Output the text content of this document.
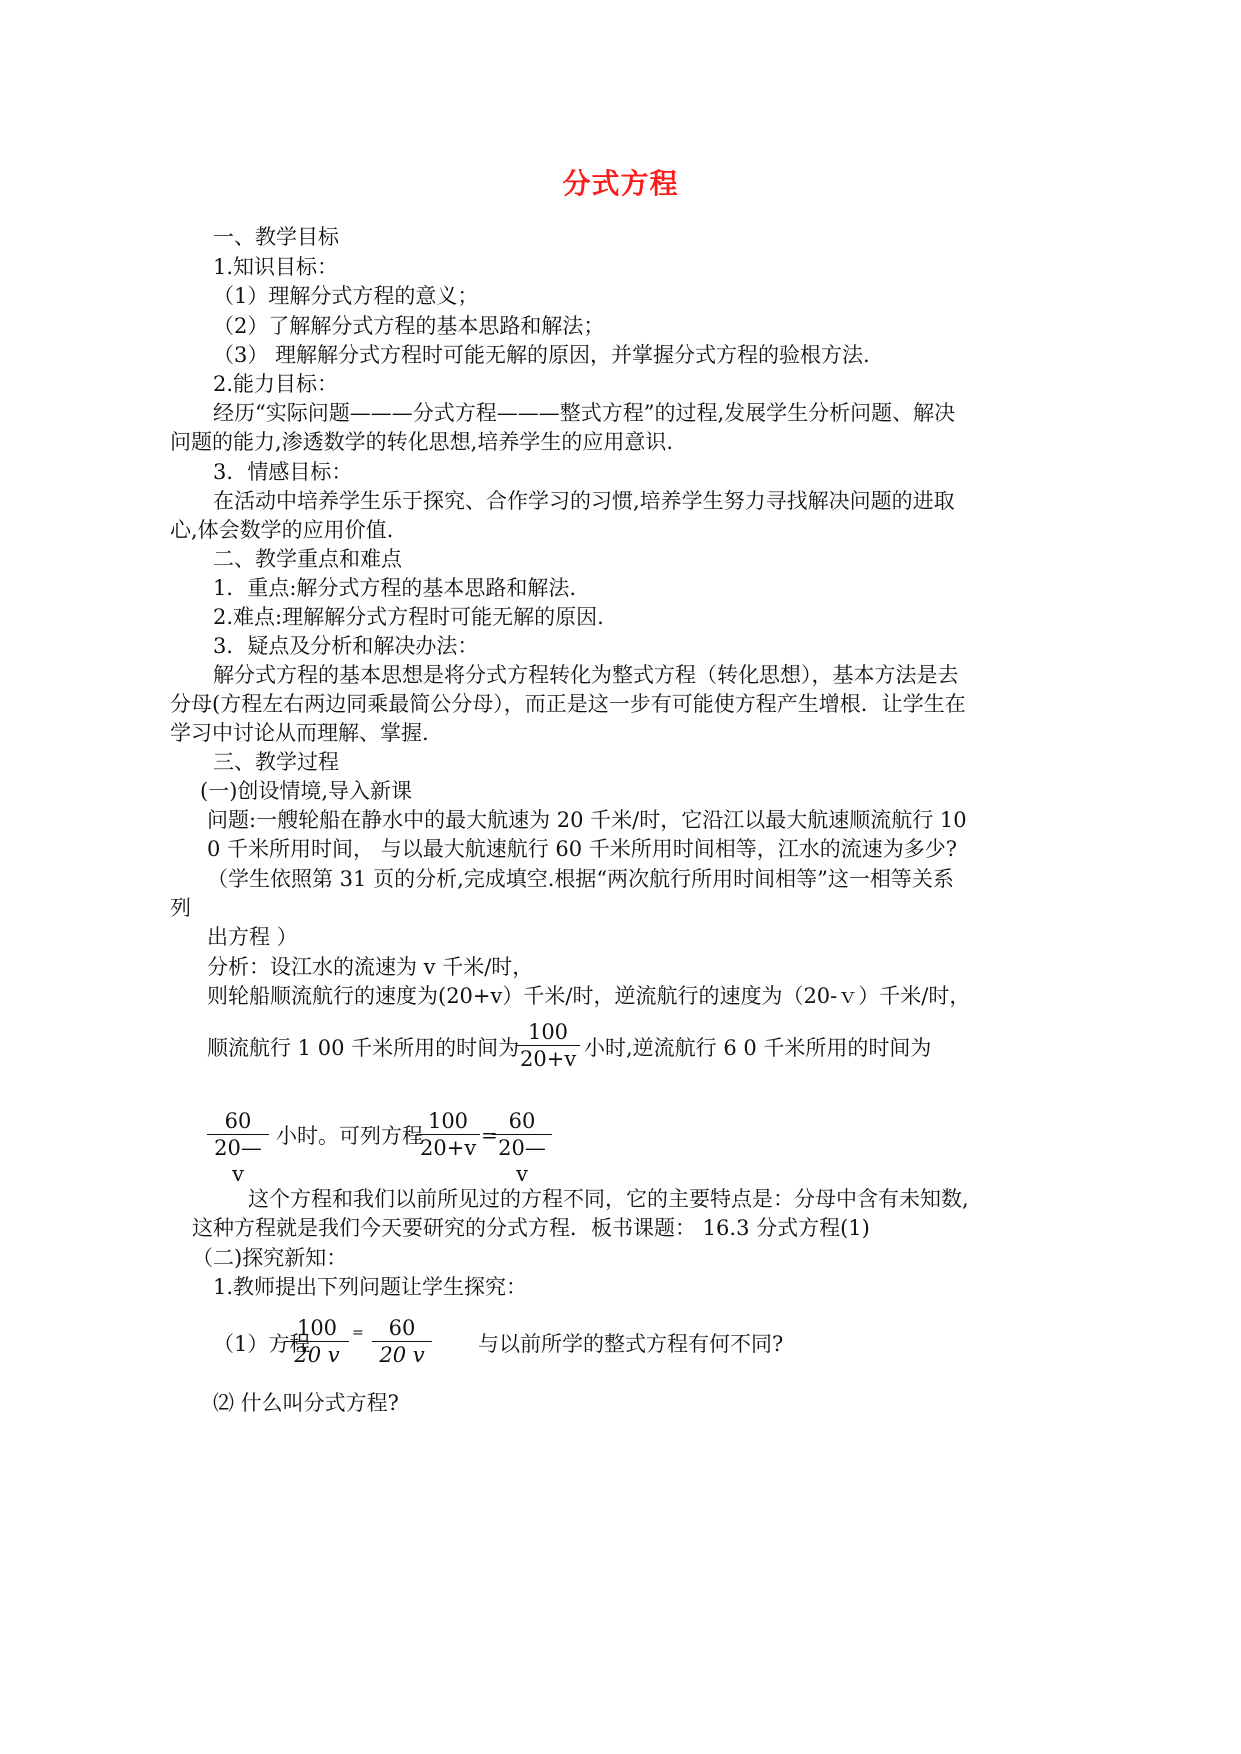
分式方程
一、教学目标
1.知识目标：
（1）理解分式方程的意义；
（2）了解解分式方程的基本思路和解法；
（3） 理解解分式方程时可能无解的原因，并掌握分式方程的验根方法.
2.能力目标：
经历“实际问题———分式方程———整式方程”的过程,发展学生分析问题、解决
问题的能力,渗透数学的转化思想,培养学生的应用意识.
3．情感目标：
在活动中培养学生乐于探究、合作学习的习惯,培养学生努力寻找解决问题的进取
心,体会数学的应用价值.
二、教学重点和难点
1．重点:解分式方程的基本思路和解法.
2.难点:理解解分式方程时可能无解的原因.
3．疑点及分析和解决办法：
解分式方程的基本思想是将分式方程转化为整式方程（转化思想），基本方法是去
分母(方程左右两边同乘最简公分母），而正是这一步有可能使方程产生增根．让学生在
学习中讨论从而理解、掌握.
三、教学过程
(一)创设情境,导入新课
问题:一艘轮船在静水中的最大航速为 20 千米/时，它沿江以最大航速顺流航行 10
0 千米所用时间， 与以最大航速航行 60 千米所用时间相等，江水的流速为多少?
（学生依照第 31 页的分析,完成填空.根据“两次航行所用时间相等”这一相等关系
列
出方程 ）
分析：设江水的流速为 v 千米/时，
则轮船顺流航行的速度为(20+v）千米/时，逆流航行的速度为（20-ｖ）千米/时，
顺流航行 1 00 千米所用的时间为
$\frac{100}{20+v}$ 小时,逆流航行 6 0 千米所用的时间为
$\frac{60}{20—v}$ 小时。可列方程
$\frac{100}{20+v}$ =
$\frac{60}{20—v}$
这个方程和我们以前所见过的方程不同，它的主要特点是：分母中含有未知数,
这种方程就是我们今天要研究的分式方程．板书课题： 16.3 分式方程(1)
（二)探究新知：
1.教师提出下列问题让学生探究：
（1）方程
$\frac{100}{20 v} = \frac{60}{20 v}$ 与以前所学的整式方程有何不同?
⑵ 什么叫分式方程?
